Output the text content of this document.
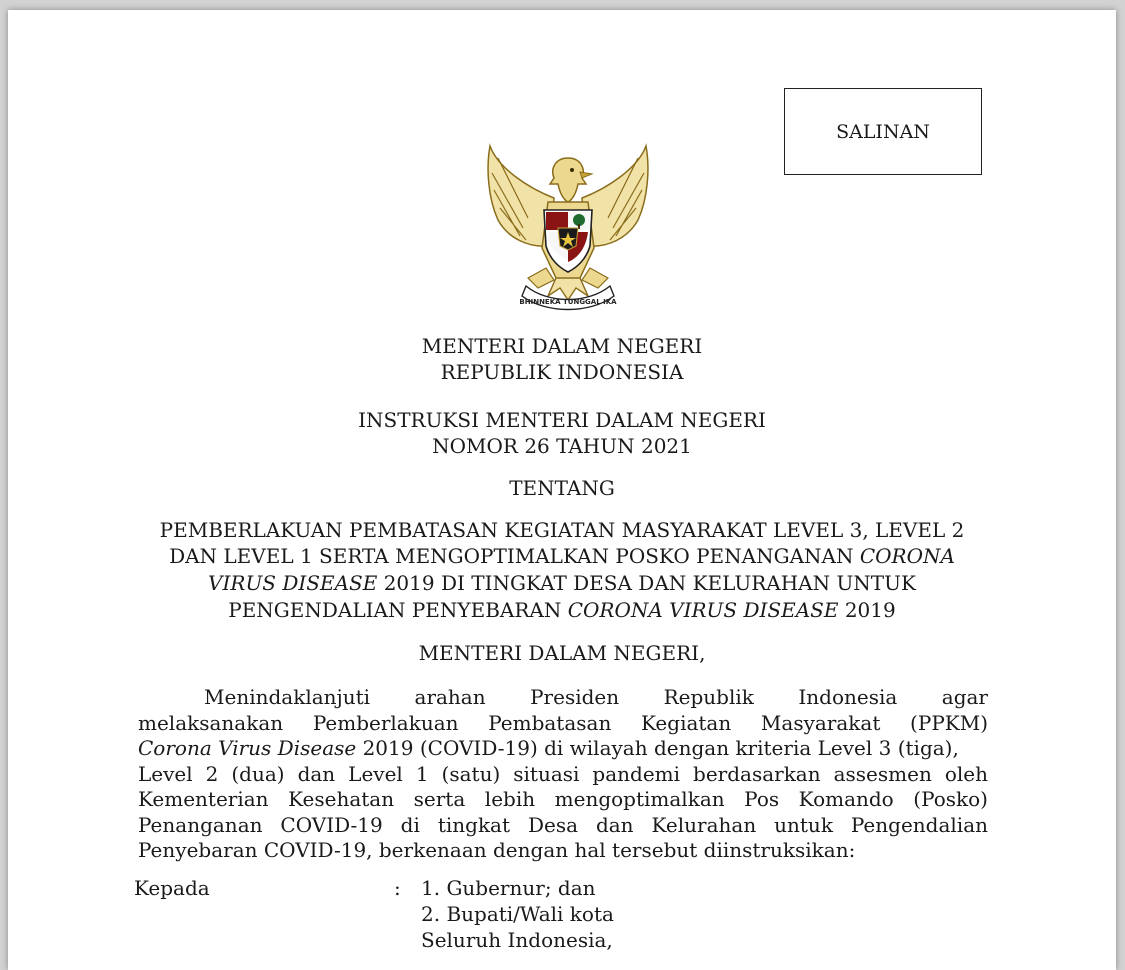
SALINAN
BHINNEKA TUNGGAL IKA
MENTERI DALAM NEGERI
REPUBLIK INDONESIA
INSTRUKSI MENTERI DALAM NEGERI
NOMOR 26 TAHUN 2021
TENTANG
PEMBERLAKUAN PEMBATASAN KEGIATAN MASYARAKAT LEVEL 3, LEVEL 2
DAN LEVEL 1 SERTA MENGOPTIMALKAN POSKO PENANGANAN CORONA
VIRUS DISEASE 2019 DI TINGKAT DESA DAN KELURAHAN UNTUK
PENGENDALIAN PENYEBARAN CORONA VIRUS DISEASE 2019
MENTERI DALAM NEGERI,
Menindaklanjuti arahan Presiden Republik Indonesia agar
melaksanakan Pemberlakuan Pembatasan Kegiatan Masyarakat (PPKM)
Corona Virus Disease 2019 (COVID-19) di wilayah dengan kriteria Level 3 (tiga),
Level 2 (dua) dan Level 1 (satu) situasi pandemi berdasarkan assesmen oleh
Kementerian Kesehatan serta lebih mengoptimalkan Pos Komando (Posko)
Penanganan COVID-19 di tingkat Desa dan Kelurahan untuk Pengendalian
Penyebaran COVID-19, berkenaan dengan hal tersebut diinstruksikan:
Kepada	: 1. Gubernur; dan
2. Bupati/Wali kota
Seluruh Indonesia,
